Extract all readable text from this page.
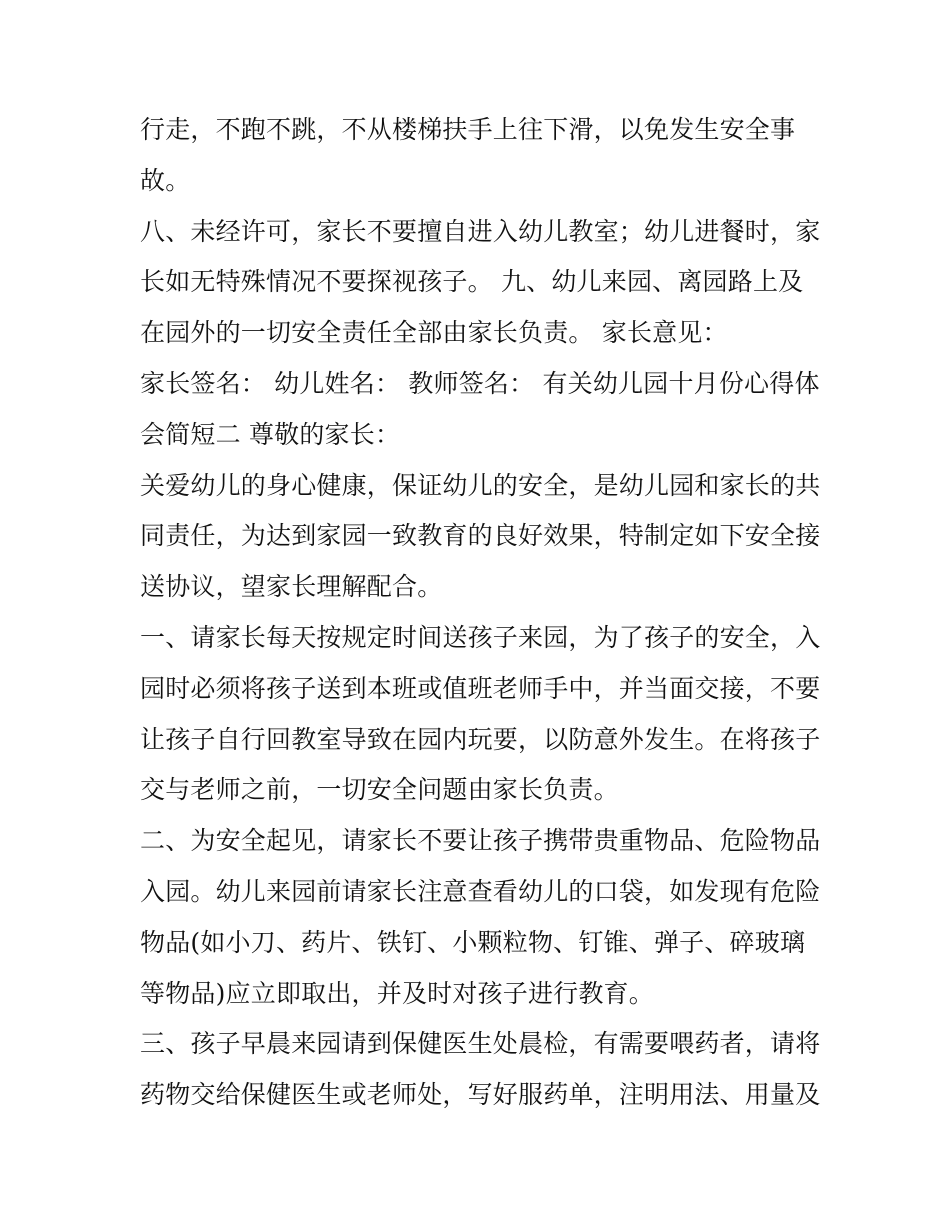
行走，不跑不跳，不从楼梯扶手上往下滑，以免发生安全事
故。
八、未经许可，家长不要擅自进入幼儿教室；幼儿进餐时，家
长如无特殊情况不要探视孩子。 九、幼儿来园、离园路上及
在园外的一切安全责任全部由家长负责。 家长意见：
家长签名： 幼儿姓名： 教师签名： 有关幼儿园十月份心得体
会简短二 尊敬的家长：
关爱幼儿的身心健康，保证幼儿的安全，是幼儿园和家长的共
同责任，为达到家园一致教育的良好效果，特制定如下安全接
送协议，望家长理解配合。
一、请家长每天按规定时间送孩子来园，为了孩子的安全，入
园时必须将孩子送到本班或值班老师手中，并当面交接，不要
让孩子自行回教室导致在园内玩要，以防意外发生。在将孩子
交与老师之前，一切安全问题由家长负责。
二、为安全起见，请家长不要让孩子携带贵重物品、危险物品
入园。幼儿来园前请家长注意查看幼儿的口袋，如发现有危险
物品(如小刀、药片、铁钉、小颗粒物、钉锥、弹子、碎玻璃
等物品)应立即取出，并及时对孩子进行教育。
三、孩子早晨来园请到保健医生处晨检，有需要喂药者，请将
药物交给保健医生或老师处，写好服药单，注明用法、用量及
